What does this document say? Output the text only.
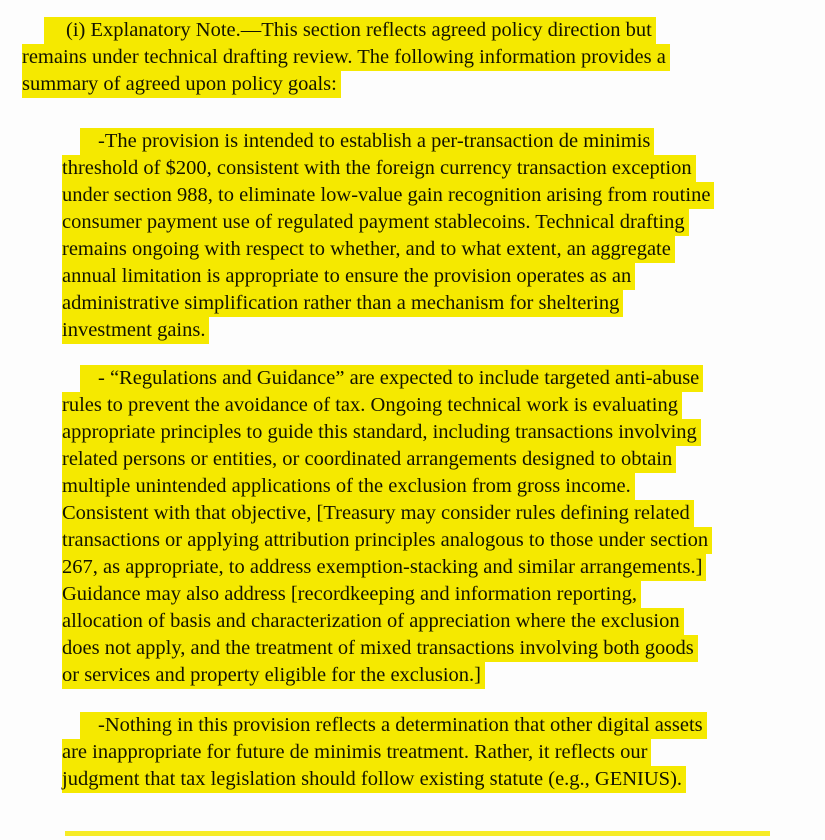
(i) Explanatory Note.—This section reflects agreed policy direction but
remains under technical drafting review. The following information provides a
summary of agreed upon policy goals:
-The provision is intended to establish a per-transaction de minimis
threshold of $200, consistent with the foreign currency transaction exception
under section 988, to eliminate low-value gain recognition arising from routine
consumer payment use of regulated payment stablecoins. Technical drafting
remains ongoing with respect to whether, and to what extent, an aggregate
annual limitation is appropriate to ensure the provision operates as an
administrative simplification rather than a mechanism for sheltering
investment gains.
- “Regulations and Guidance” are expected to include targeted anti-abuse
rules to prevent the avoidance of tax. Ongoing technical work is evaluating
appropriate principles to guide this standard, including transactions involving
related persons or entities, or coordinated arrangements designed to obtain
multiple unintended applications of the exclusion from gross income.
Consistent with that objective, [Treasury may consider rules defining related
transactions or applying attribution principles analogous to those under section
267, as appropriate, to address exemption-stacking and similar arrangements.]
Guidance may also address [recordkeeping and information reporting,
allocation of basis and characterization of appreciation where the exclusion
does not apply, and the treatment of mixed transactions involving both goods
or services and property eligible for the exclusion.]
-Nothing in this provision reflects a determination that other digital assets
are inappropriate for future de minimis treatment. Rather, it reflects our
judgment that tax legislation should follow existing statute (e.g., GENIUS).
